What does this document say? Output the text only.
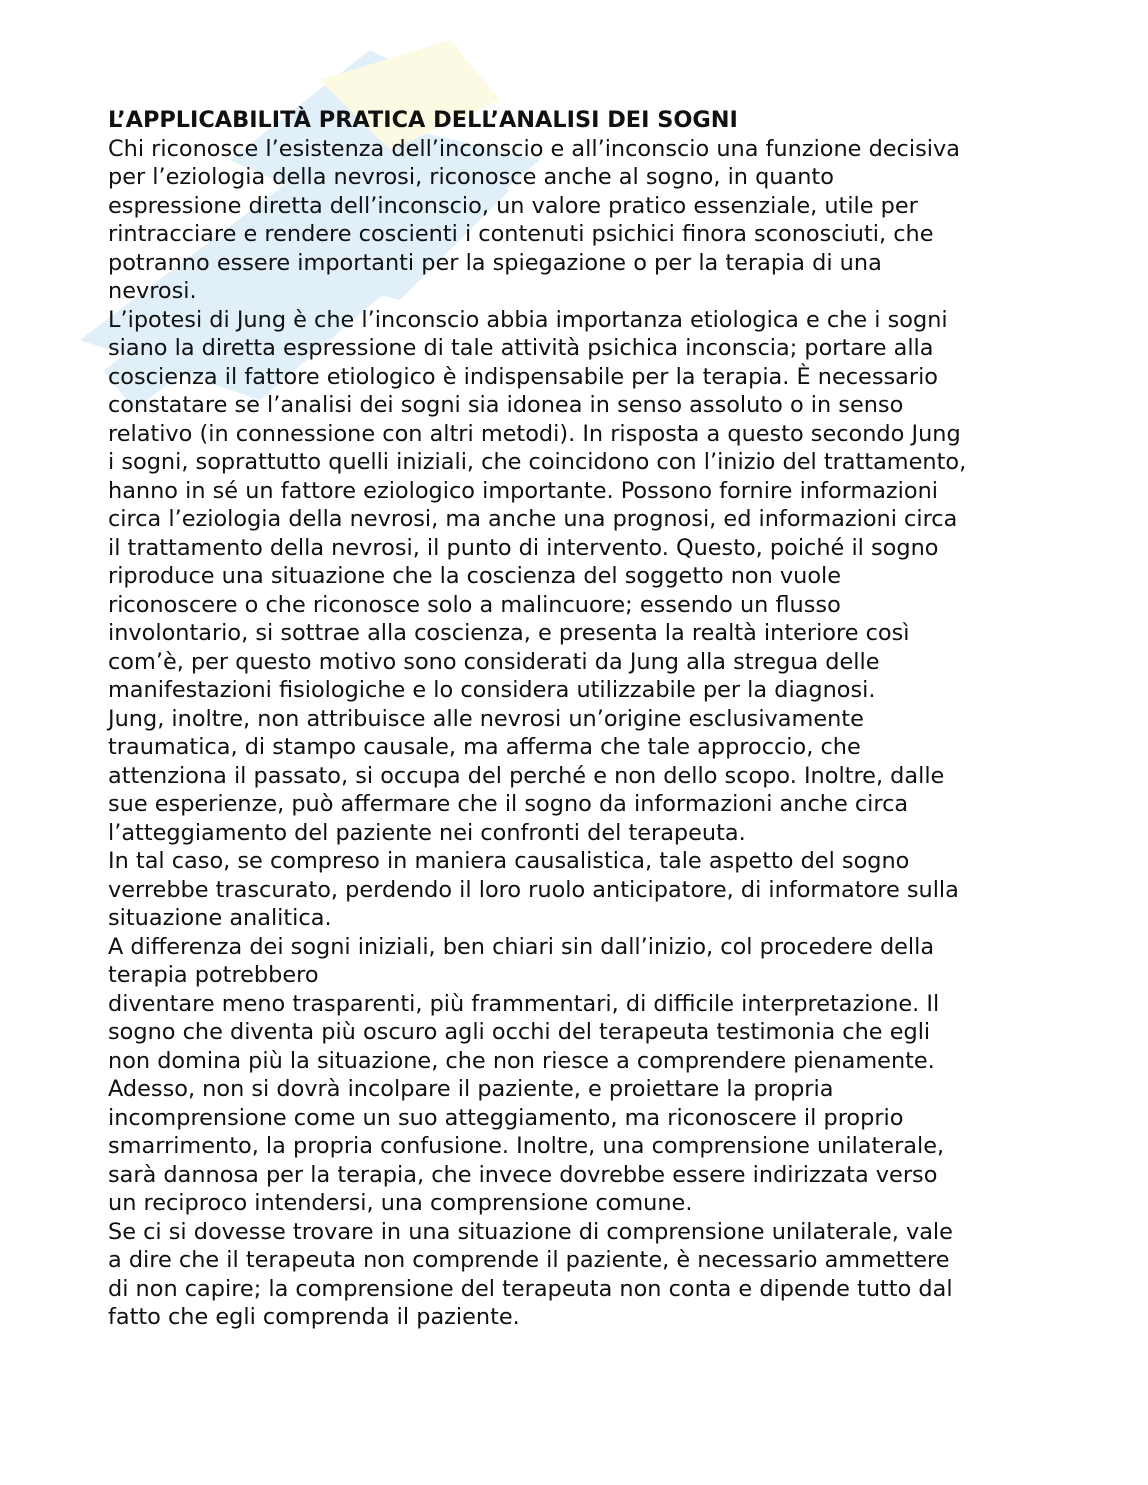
L’APPLICABILITÀ PRATICA DELL’ANALISI DEI SOGNI

Chi riconosce l’esistenza dell’inconscio e all’inconscio una funzione decisiva
per l’eziologia della nevrosi, riconosce anche al sogno, in quanto
espressione diretta dell’inconscio, un valore pratico essenziale, utile per
rintracciare e rendere coscienti i contenuti psichici finora sconosciuti, che
potranno essere importanti per la spiegazione o per la terapia di una
nevrosi.

L’ipotesi di Jung è che l’inconscio abbia importanza etiologica e che i sogni
siano la diretta espressione di tale attività psichica inconscia; portare alla
coscienza il fattore etiologico è indispensabile per la terapia. È necessario
constatare se l’analisi dei sogni sia idonea in senso assoluto o in senso
relativo (in connessione con altri metodi). In risposta a questo secondo Jung
i sogni, soprattutto quelli iniziali, che coincidono con l’inizio del trattamento,
hanno in sé un fattore eziologico importante. Possono fornire informazioni
circa l’eziologia della nevrosi, ma anche una prognosi, ed informazioni circa
il trattamento della nevrosi, il punto di intervento. Questo, poiché il sogno
riproduce una situazione che la coscienza del soggetto non vuole
riconoscere o che riconosce solo a malincuore; essendo un flusso
involontario, si sottrae alla coscienza, e presenta la realtà interiore così
com’è, per questo motivo sono considerati da Jung alla stregua delle
manifestazioni fisiologiche e lo considera utilizzabile per la diagnosi.

Jung, inoltre, non attribuisce alle nevrosi un’origine esclusivamente
traumatica, di stampo causale, ma afferma che tale approccio, che
attenziona il passato, si occupa del perché e non dello scopo. Inoltre, dalle
sue esperienze, può affermare che il sogno da informazioni anche circa
l’atteggiamento del paziente nei confronti del terapeuta.

In tal caso, se compreso in maniera causalistica, tale aspetto del sogno
verrebbe trascurato, perdendo il loro ruolo anticipatore, di informatore sulla
situazione analitica.

A differenza dei sogni iniziali, ben chiari sin dall’inizio, col procedere della
terapia potrebbero
diventare meno trasparenti, più frammentari, di difficile interpretazione. Il
sogno che diventa più oscuro agli occhi del terapeuta testimonia che egli
non domina più la situazione, che non riesce a comprendere pienamente.
Adesso, non si dovrà incolpare il paziente, e proiettare la propria
incomprensione come un suo atteggiamento, ma riconoscere il proprio
smarrimento, la propria confusione. Inoltre, una comprensione unilaterale,
sarà dannosa per la terapia, che invece dovrebbe essere indirizzata verso
un reciproco intendersi, una comprensione comune.

Se ci si dovesse trovare in una situazione di comprensione unilaterale, vale
a dire che il terapeuta non comprende il paziente, è necessario ammettere
di non capire; la comprensione del terapeuta non conta e dipende tutto dal
fatto che egli comprenda il paziente.
